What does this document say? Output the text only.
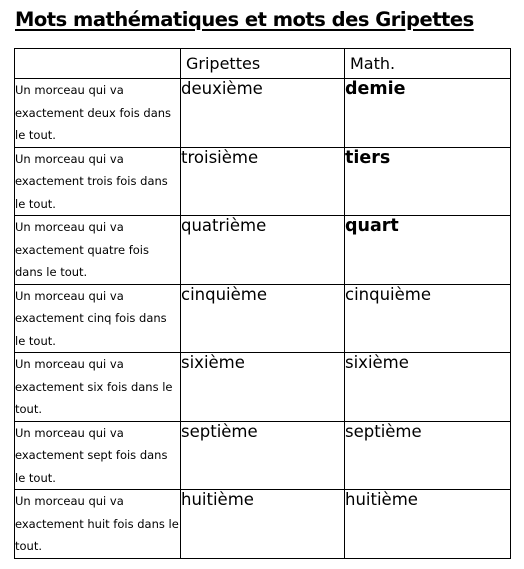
Mots mathématiques et mots des Gripettes
	Gripettes	Math.
Un morceau qui va exactement deux fois dans le tout.	deuxième	demie
Un morceau qui va exactement trois fois dans le tout.	troisième	tiers
Un morceau qui va exactement quatre fois dans le tout.	quatrième	quart
Un morceau qui va exactement cinq fois dans le tout.	cinquième	cinquième
Un morceau qui va exactement six fois dans le tout.	sixième	sixième
Un morceau qui va exactement sept fois dans le tout.	septième	septième
Un morceau qui va exactement huit fois dans le tout.	huitième	huitième
